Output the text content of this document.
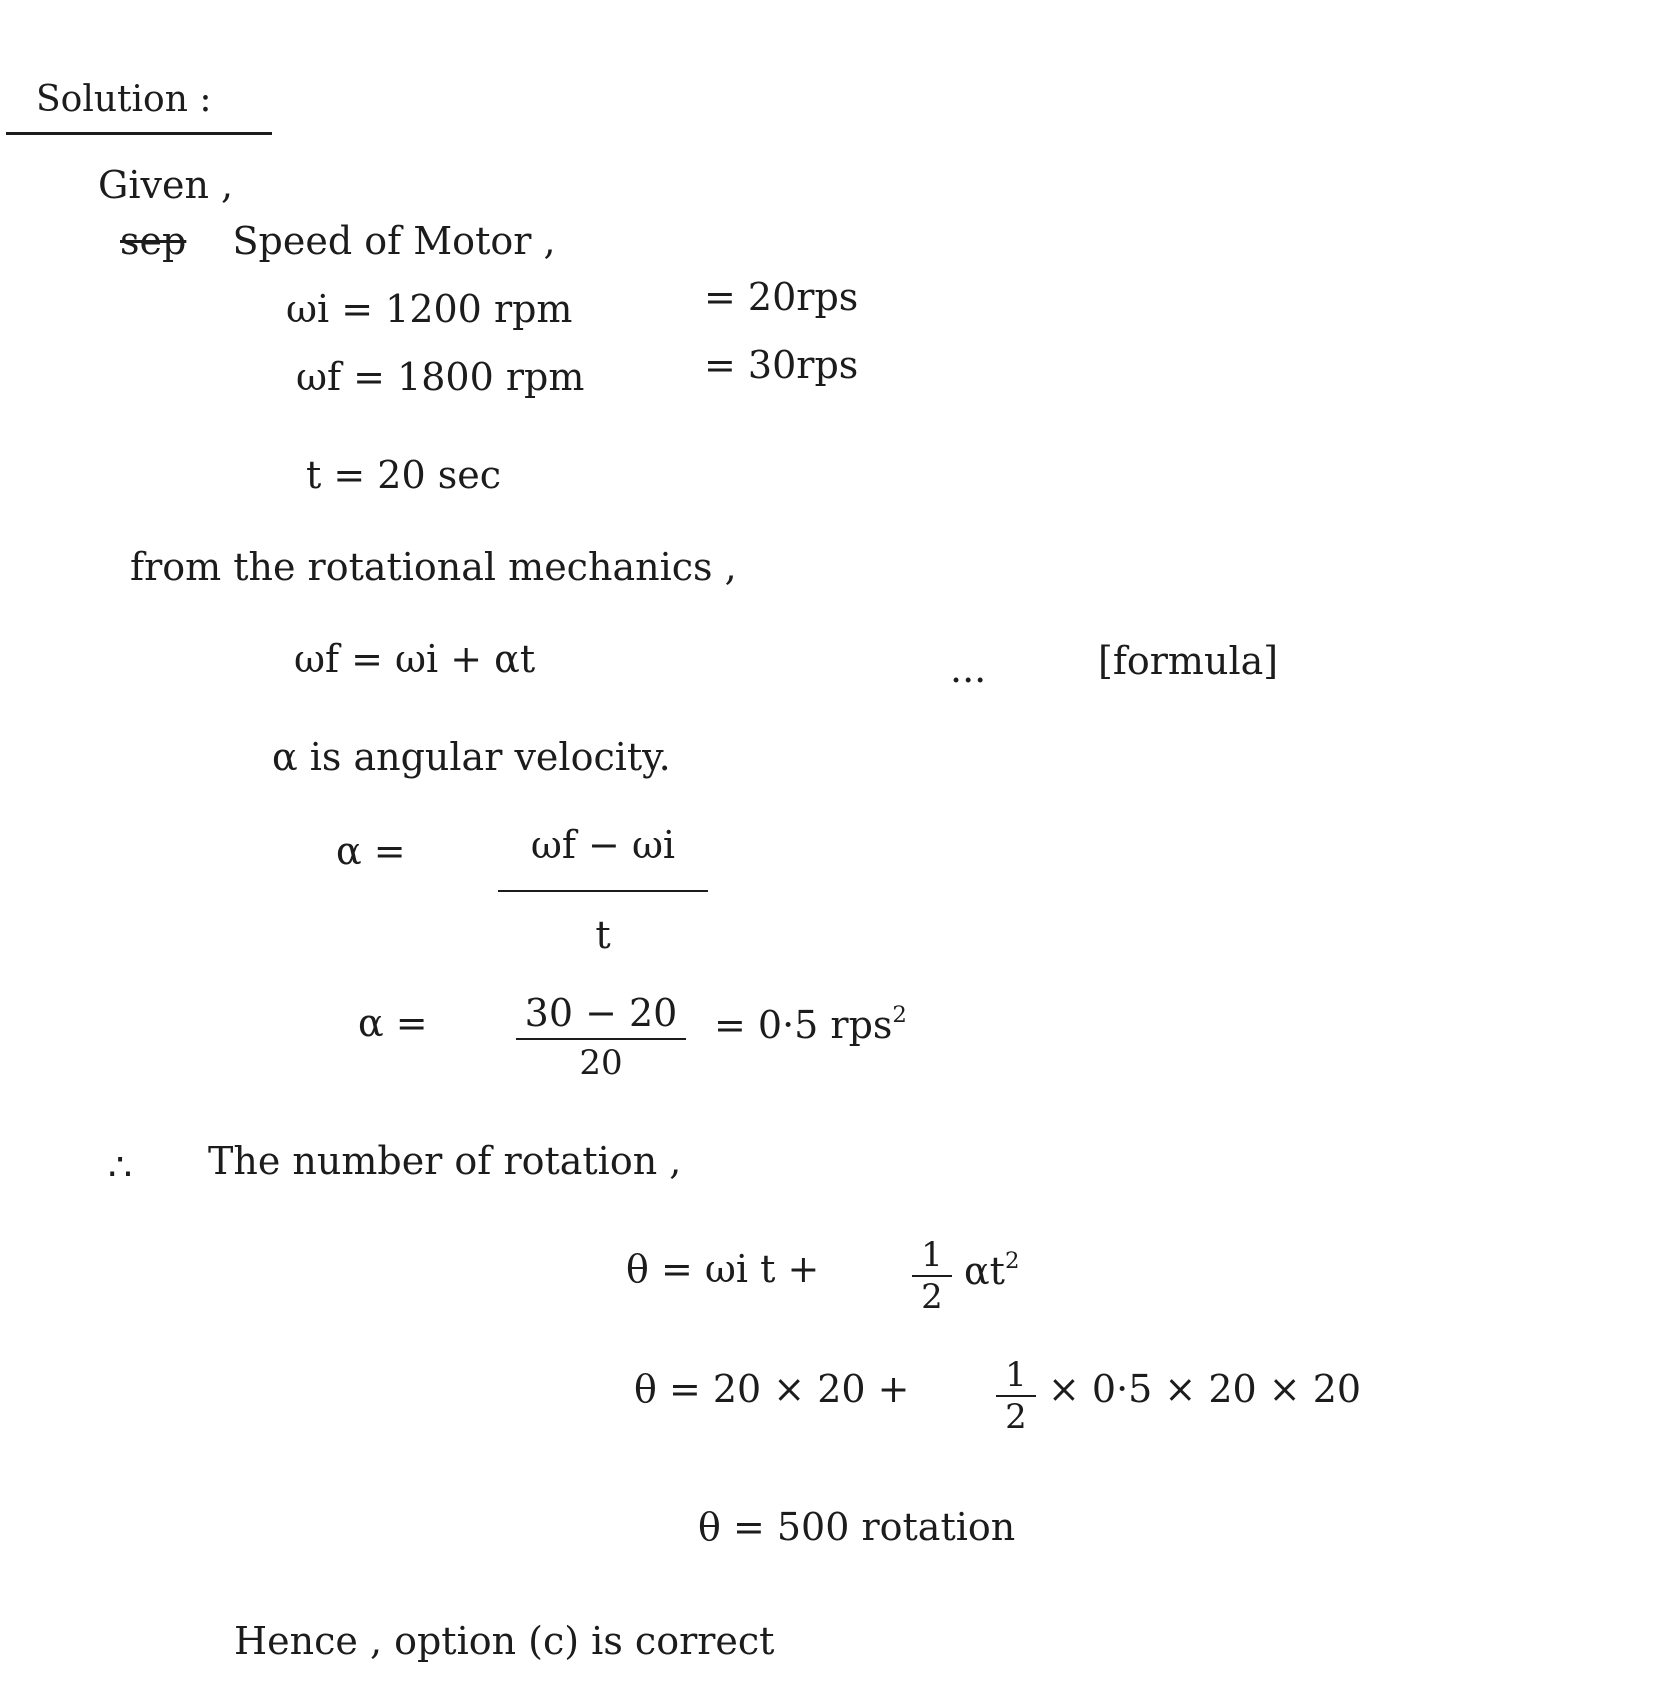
Solution :
Given ,
sep Speed of Motor ,
ωi = 1200 rpm	= 20rps
ωf = 1800 rpm	= 30rps
t = 20 sec
from the rotational mechanics ,
ωf = ωi + αt	...	[formula]
α is angular velocity.
α =	ωf − ωi
t
α =	30 − 20
20
= 0·5 rps$^2$
∴ The number of rotation ,
θ = ωi t +	1
2
$\alpha t^2$
θ = 20 × 20 +	1
2
× 0·5 × 20 × 20
θ = 500 rotation
Hence , option (c) is correct
